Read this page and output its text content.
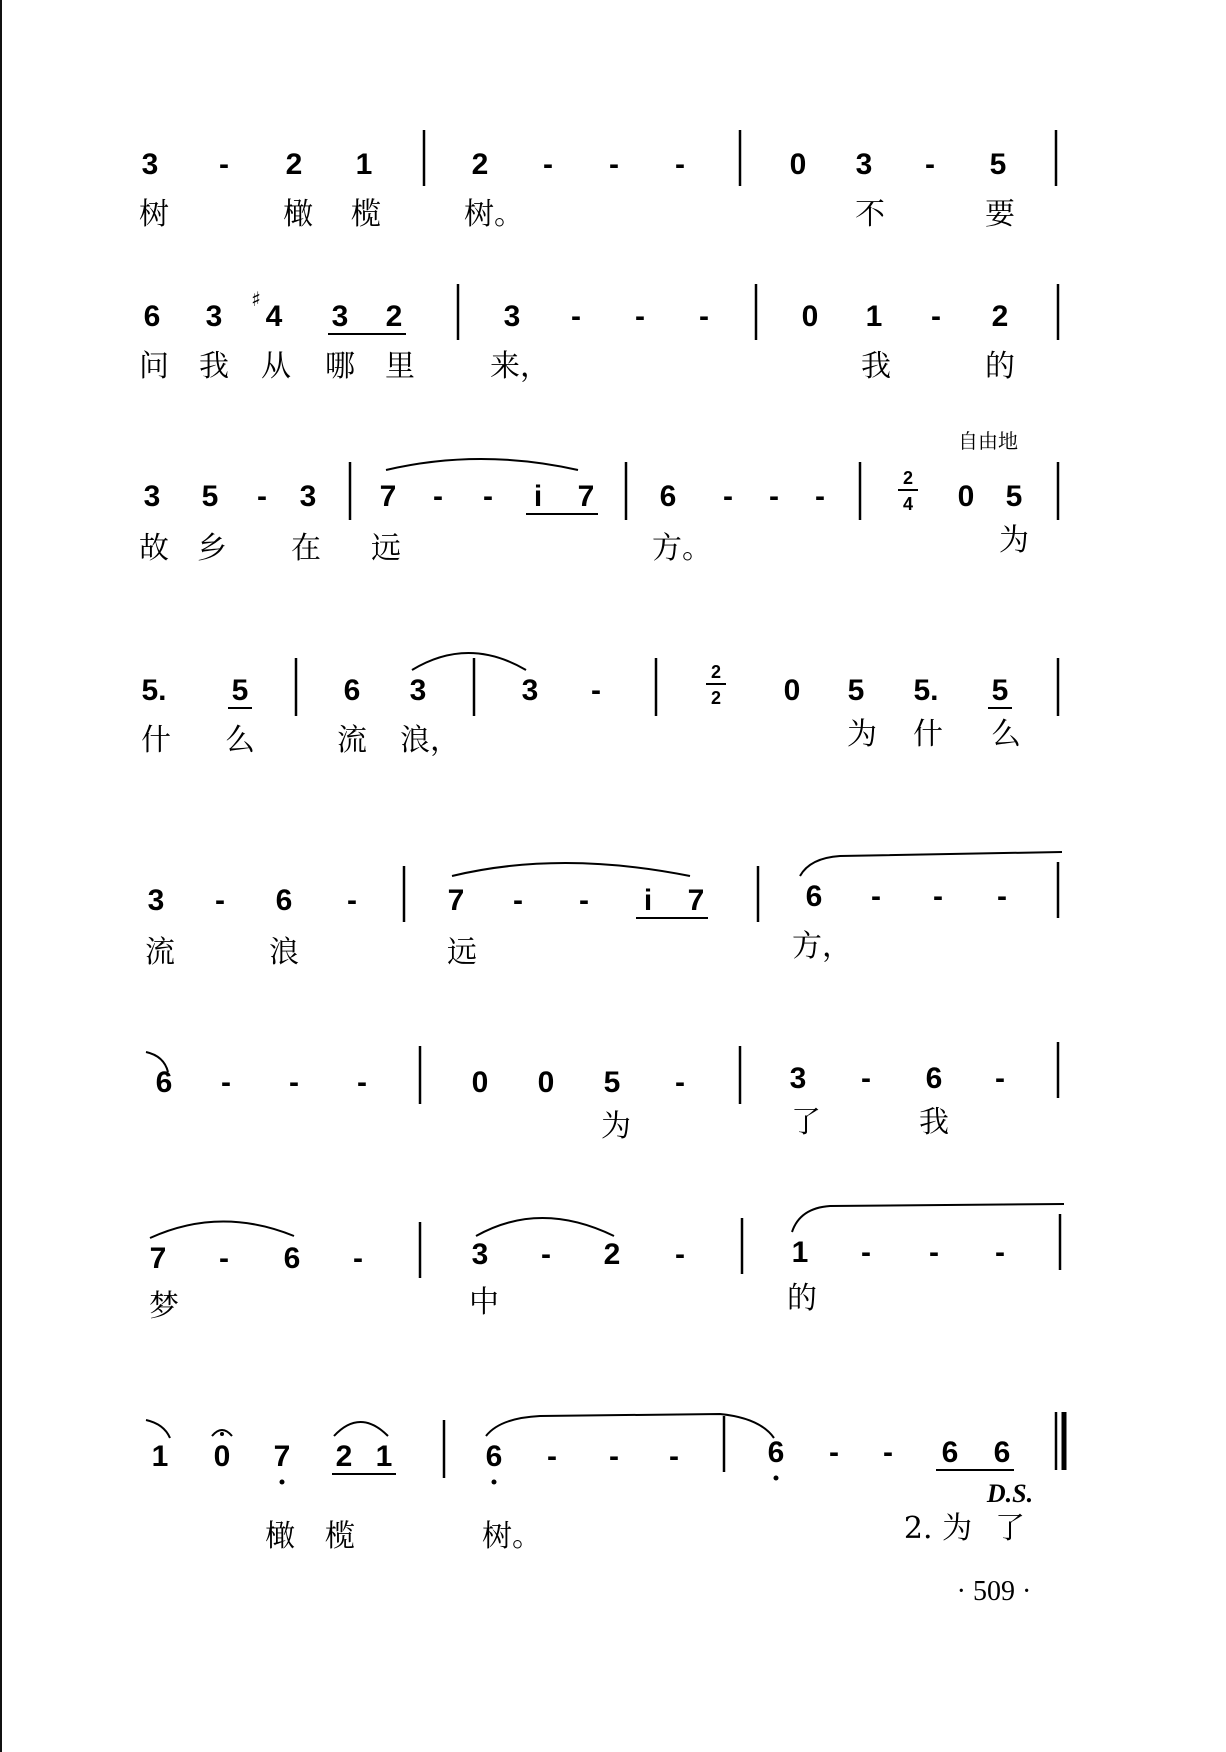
3 - 2 1	2 - - -	0 3 - 5
树	橄 榄	树。	不	要
6 3
♯
4 3 2	3 - - -	0 1 - 2
问 我 从 哪 里	来，	我	的
自由地
3 5 - 3 7 - - i 7 6 - - -
2
4 0 5
故 乡 在 远	方。	为
5. 5	6 3	3 -
2
2 0 5 5. 5
什 么	流 浪，	为 什 么
3 - 6 -	7 - - i 7	6 - - -
流	浪	远	方，
6 - - -	0 0 5 -	3 - 6 -
为	了	我
7 - 6 -	3 - 2 -	1 - - -
梦	中	的
1 0 7 2 1	6 - - -	6 - - 6 6
D.S.
橄 榄	树。	2. 为 了
· 509 ·
